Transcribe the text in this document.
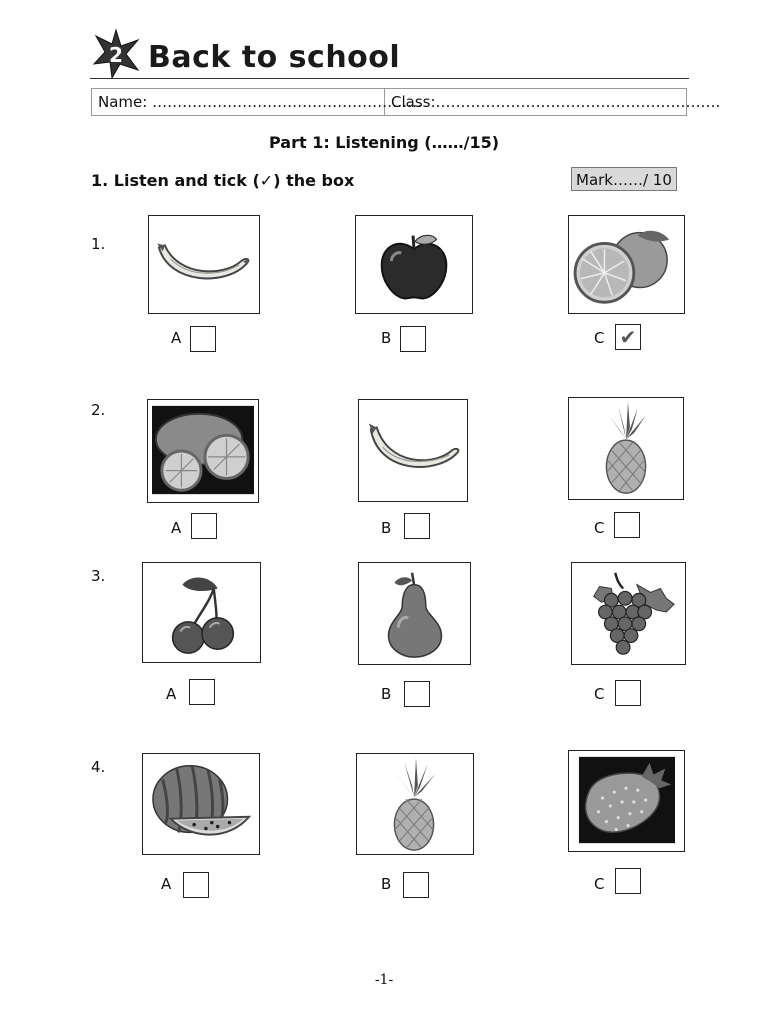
2 Back to school
Name: ………………………………………………
Class:…………………………………………………
Part 1: Listening (……/15)
1. Listen and tick (✓) the box	Mark……/ 10
1.
2.
3.
4.
A	B	C ✔
A	B	C
A	B	C
A	B	C
-1-
